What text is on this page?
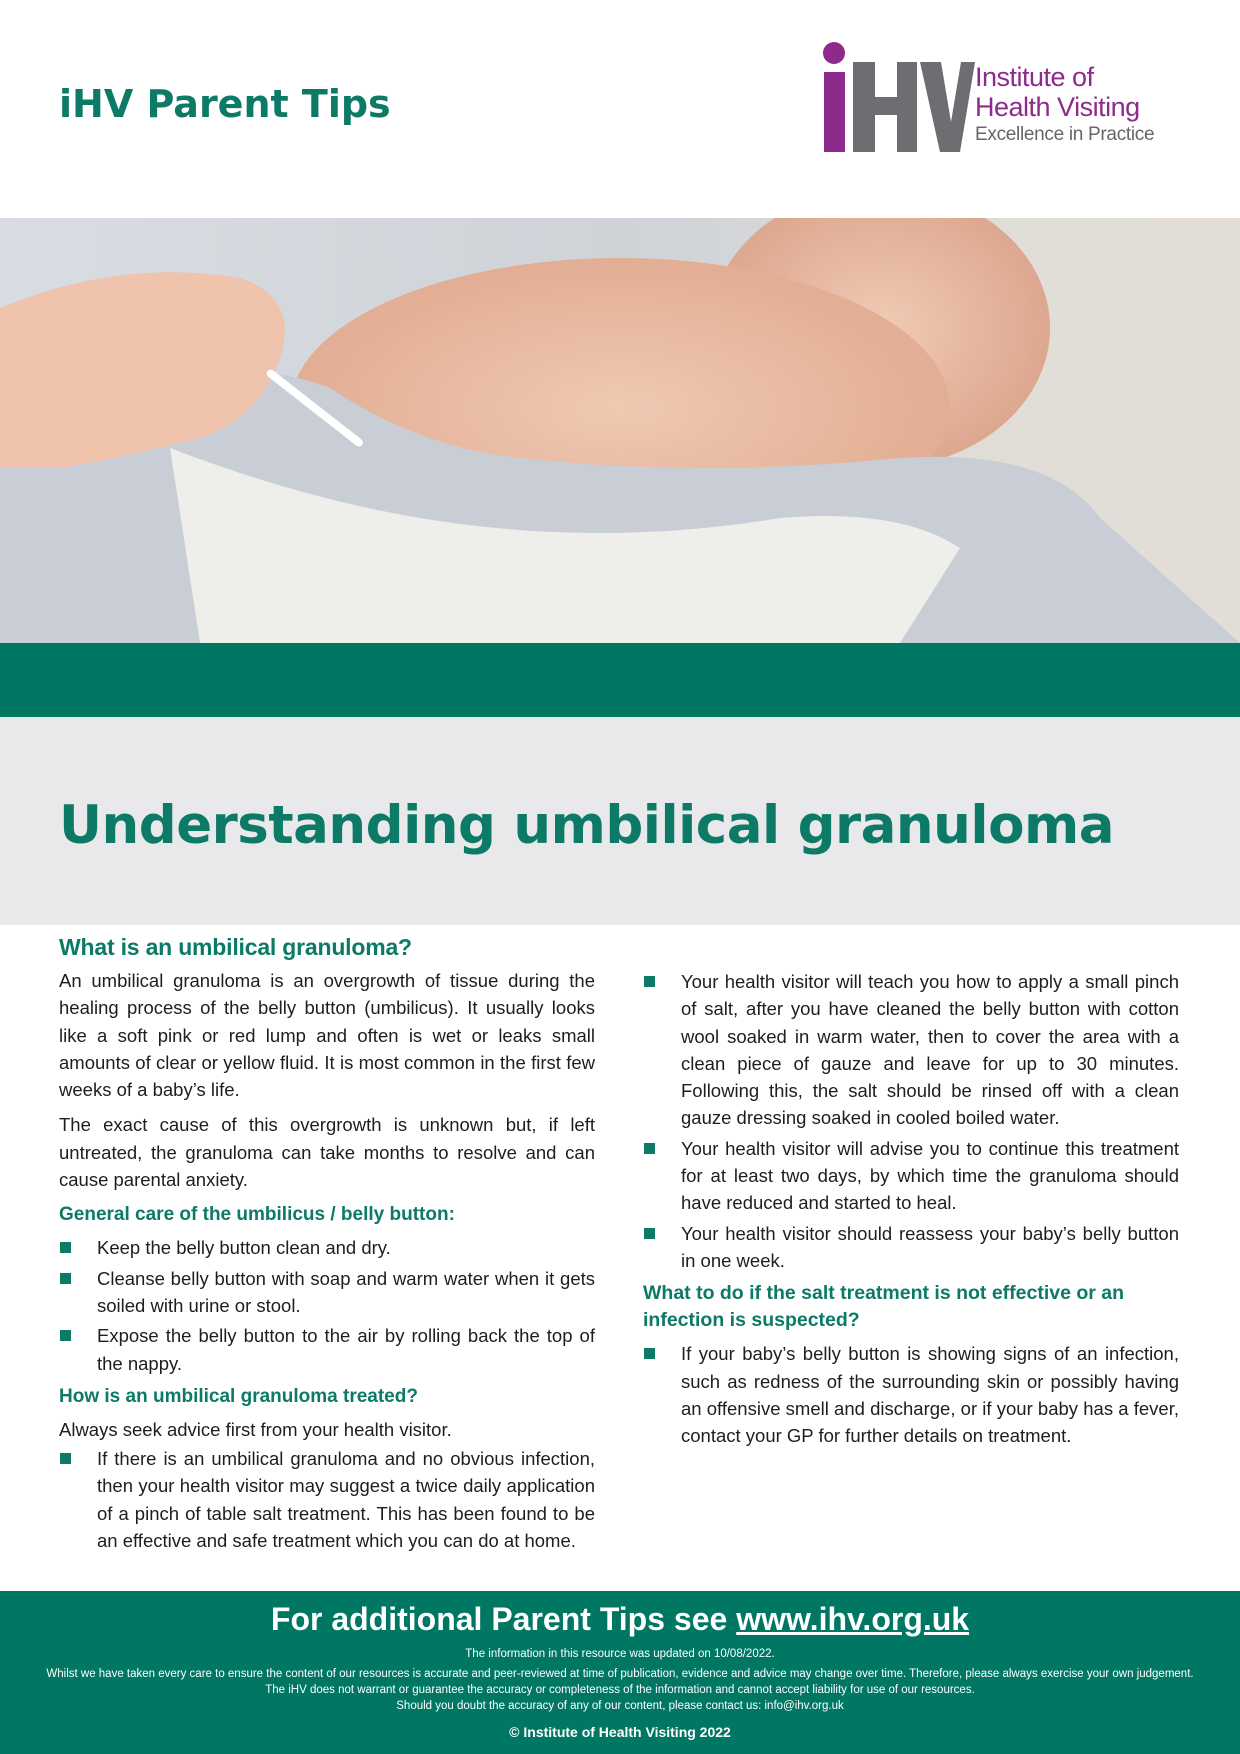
iHV Parent Tips
Institute of
Health Visiting
Excellence in Practice
Understanding umbilical granuloma
What is an umbilical granuloma?

An umbilical granuloma is an overgrowth of tissue during the healing process of the belly button (umbilicus). It usually looks like a soft pink or red lump and often is wet or leaks small amounts of clear or yellow fluid. It is most common in the first few weeks of a baby’s life.

The exact cause of this overgrowth is unknown but, if left untreated, the granuloma can take months to resolve and can cause parental anxiety.

General care of the umbilicus / belly button:
Keep the belly button clean and dry.
Cleanse belly button with soap and warm water when it gets soiled with urine or stool.
Expose the belly button to the air by rolling back the top of the nappy.
How is an umbilical granuloma treated?

Always seek advice first from your health visitor.

If there is an umbilical granuloma and no obvious infection, then your health visitor may suggest a twice daily application of a pinch of table salt treatment. This has been found to be an effective and safe treatment which you can do at home.
Your health visitor will teach you how to apply a small pinch of salt, after you have cleaned the belly button with cotton wool soaked in warm water, then to cover the area with a clean piece of gauze and leave for up to 30 minutes. Following this, the salt should be rinsed off with a clean gauze dressing soaked in cooled boiled water.
Your health visitor will advise you to continue this treatment for at least two days, by which time the granuloma should have reduced and started to heal.
Your health visitor should reassess your baby’s belly button in one week.
What to do if the salt treatment is not effective or an infection is suspected?
If your baby’s belly button is showing signs of an infection, such as redness of the surrounding skin or possibly having an offensive smell and discharge, or if your baby has a fever, contact your GP for further details on treatment.
For additional Parent Tips see www.ihv.org.uk
The information in this resource was updated on 10/08/2022.
Whilst we have taken every care to ensure the content of our resources is accurate and peer-reviewed at time of publication, evidence and advice may change over time. Therefore, please always exercise your own judgement. The iHV does not warrant or guarantee the accuracy or completeness of the information and cannot accept liability for use of our resources.
Should you doubt the accuracy of any of our content, please contact us: info@ihv.org.uk
© Institute of Health Visiting 2022
